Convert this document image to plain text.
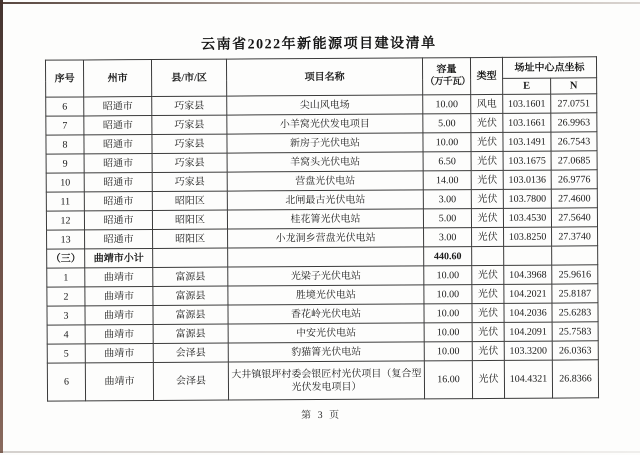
云南省2022年新能源项目建设清单
序号	州市	县/市/区	项目名称	容量
（万千瓦）	类型	场址中心点坐标	
						E	N
6	昭通市	巧家县	尖山风电场	10.00	风电	103.1601	27.0751
7	昭通市	巧家县	小羊窝光伏发电项目	5.00	光伏	103.1661	26.9963
8	昭通市	巧家县	新房子光伏电站	10.00	光伏	103.1491	26.7543
9	昭通市	巧家县	羊窝头光伏电站	6.50	光伏	103.1675	27.0685
10	昭通市	巧家县	营盘光伏电站	14.00	光伏	103.0136	26.9776
11	昭通市	昭阳区	北闸最古光伏电站	3.00	光伏	103.7800	27.4600
12	昭通市	昭阳区	桂花箐光伏电站	5.00	光伏	103.4530	27.5640
13	昭通市	昭阳区	小龙洞乡营盘光伏电站	3.00	光伏	103.8250	27.3740
（三）	曲靖市小计			440.60			
1	曲靖市	富源县	光梁子光伏电站	10.00	光伏	104.3968	25.9616
2	曲靖市	富源县	胜境光伏电站	10.00	光伏	104.2021	25.8187
3	曲靖市	富源县	香花岭光伏电站	10.00	光伏	104.2036	25.6283
4	曲靖市	富源县	中安光伏电站	10.00	光伏	104.2091	25.7583
5	曲靖市	会泽县	豹猫箐光伏电站	10.00	光伏	103.3200	26.0363
6	曲靖市	会泽县	大井镇银坪村委会银匠村光伏项目（复合型光伏发电项目）	16.00	光伏	104.4321	26.8366
第 3 页
